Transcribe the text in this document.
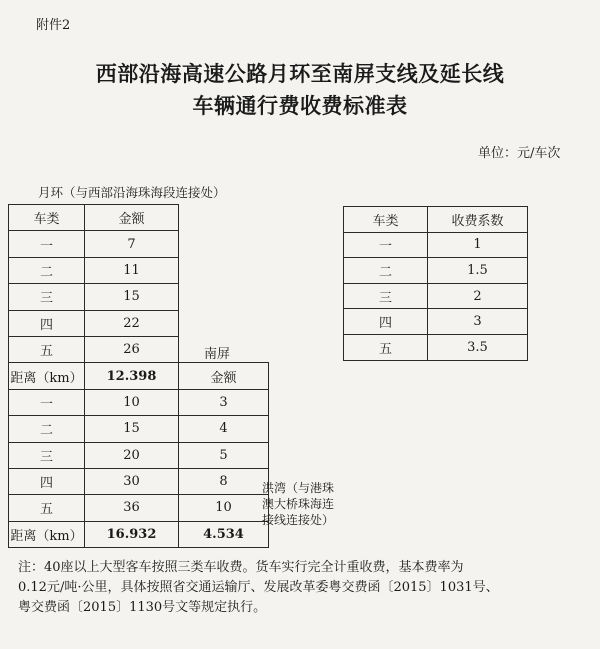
附件2
西部沿海高速公路月环至南屏支线及延长线
车辆通行费收费标准表
单位：元/车次
月环（与西部沿海珠海段连接处）
车类	金额	
一	7	
二	11	
三	15	
四	22	
五	26	
距离（km）	12.398	金额
一	10	3
二	15	4
三	20	5
四	30	8
五	36	10
距离（km）	16.932	4.534
南屏
洪湾（与港珠
澳大桥珠海连
接线连接处）
车类	收费系数
一	1
二	1.5
三	2
四	3
五	3.5
注：40座以上大型客车按照三类车收费。货车实行完全计重收费，基本费率为
0.12元/吨·公里，具体按照省交通运输厅、发展改革委粤交费函〔2015〕1031号、
粤交费函〔2015〕1130号文等规定执行。
